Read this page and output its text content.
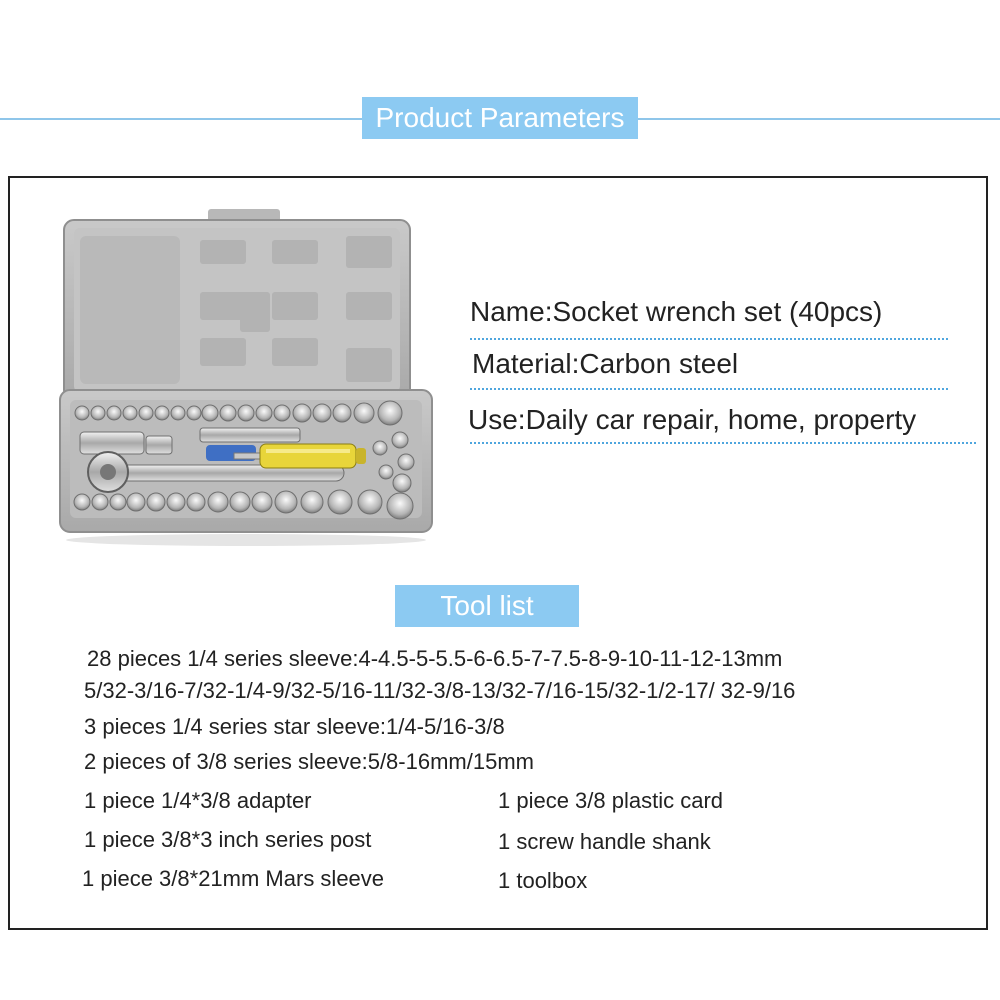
Product Parameters
Name:Socket wrench set (40pcs)
Material:Carbon steel
Use:Daily car repair, home, property
Tool list
28 pieces 1/4 series sleeve:4-4.5-5-5.5-6-6.5-7-7.5-8-9-10-11-12-13mm
5/32-3/16-7/32-1/4-9/32-5/16-11/32-3/8-13/32-7/16-15/32-1/2-17/ 32-9/16
3 pieces 1/4 series star sleeve:1/4-5/16-3/8
2 pieces of 3/8 series sleeve:5/8-16mm/15mm
1 piece 1/4*3/8 adapter
1 piece 3/8*3 inch series post
1 piece 3/8*21mm Mars sleeve
1 piece 3/8 plastic card
1 screw handle shank
1 toolbox
